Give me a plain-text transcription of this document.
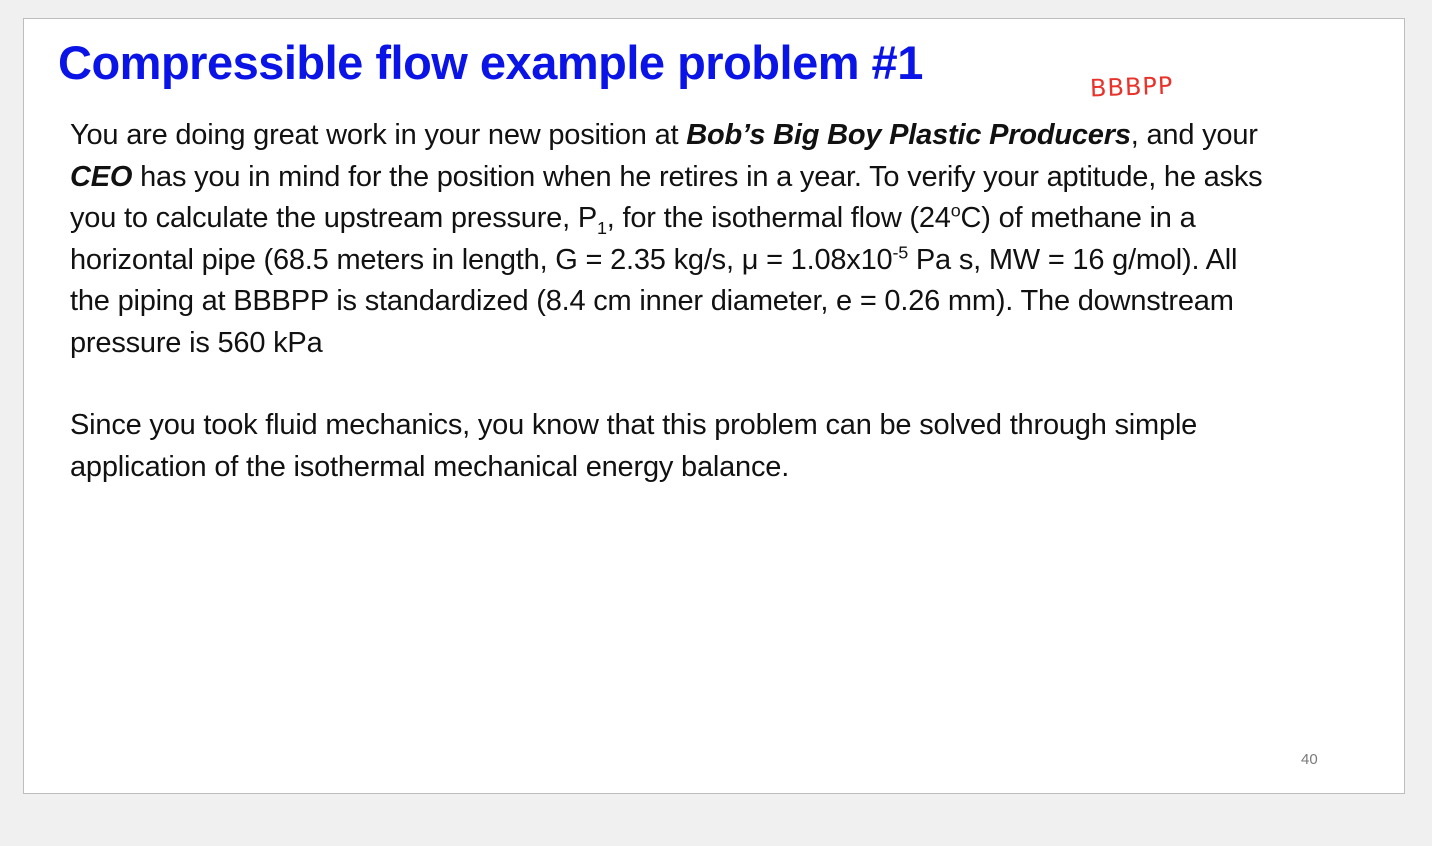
Compressible flow example problem #1	BBBPP

You are doing great work in your new position at Bob’s Big Boy Plastic Producers, and your CEO has you in mind for the position when he retires in a year. To verify your aptitude, he asks you to calculate the upstream pressure, $P_1$, for the isothermal flow (24$^o$C) of methane in a horizontal pipe (68.5 meters in length, G = 2.35 kg/s, $\mu = 1.08x10^{-5}$ Pa s, MW = 16 g/mol). All the piping at BBBPP is standardized (8.4 cm inner diameter, e = 0.26 mm). The downstream pressure is 560 kPa

Since you took fluid mechanics, you know that this problem can be solved through simple application of the isothermal mechanical energy balance.

40
